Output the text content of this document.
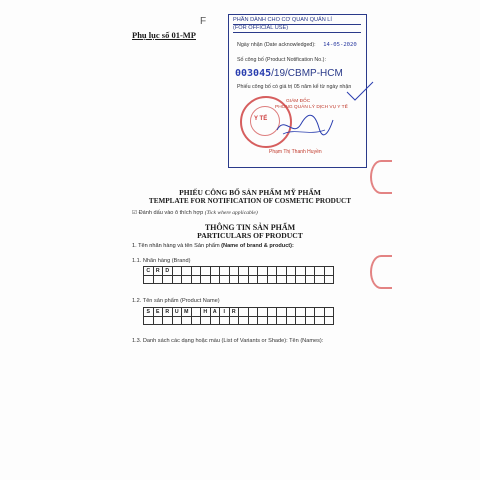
F
Phụ lục số 01-MP
PHẦN DÀNH CHO CƠ QUAN QUẢN LÍ
(FOR OFFICIAL USE)
Ngày nhận (Date acknowledged): 14-05-2020
Số công bố (Product Notification No.):
003045/19/CBMP-HCM
Phiếu công bố có giá trị 05 năm kể từ ngày nhận
GIÁM ĐỐC
PHÒNG QUẢN LÝ DỊCH VỤ Y TẾ
Phạm Thị Thanh Huyền
Y TẾ
PHIẾU CÔNG BỐ SẢN PHẨM MỸ PHẨM
TEMPLATE FOR NOTIFICATION OF COSMETIC PRODUCT
☑ Đánh dấu vào ô thích hợp (Tick where applicable)
THÔNG TIN SẢN PHẨM
PARTICULARS OF PRODUCT
1. Tên nhãn hàng và tên Sản phẩm (Name of brand & product):
1.1. Nhãn hàng (Brand)
C	R	D
1.2. Tên sản phẩm (Product Name)
S	E	R	U	M	H	A	I	R
1.3. Danh sách các dạng hoặc màu (List of Variants or Shade): Tên (Names):
